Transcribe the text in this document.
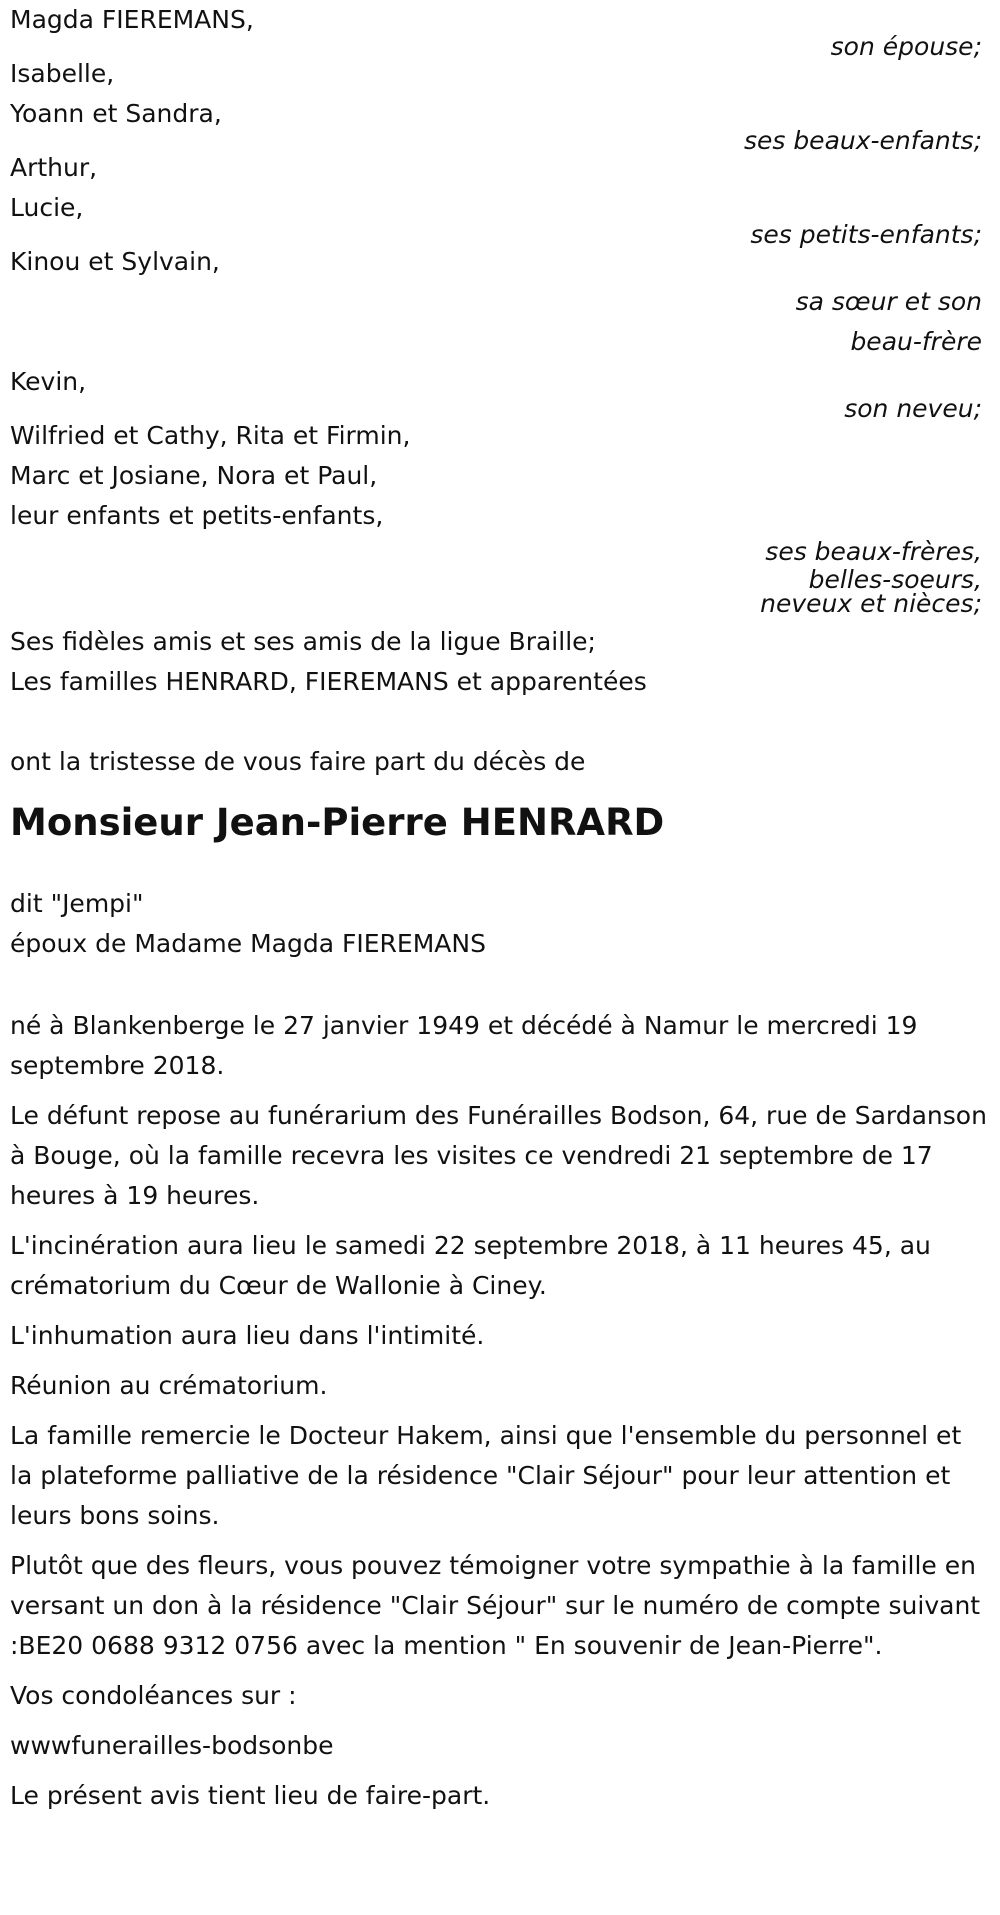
Magda FIEREMANS,
son épouse;
Isabelle,
Yoann et Sandra,
ses beaux-enfants;
Arthur,
Lucie,
ses petits-enfants;
Kinou et Sylvain,
sa sœur et son
beau-frère
Kevin,
son neveu;
Wilfried et Cathy, Rita et Firmin,
Marc et Josiane, Nora et Paul,
leur enfants et petits-enfants,
ses beaux-frères,
belles-soeurs,
neveux et nièces;
Ses fidèles amis et ses amis de la ligue Braille;
Les familles HENRARD, FIEREMANS et apparentées
ont la tristesse de vous faire part du décès de
Monsieur Jean-Pierre HENRARD
dit "Jempi"
époux de Madame Magda FIEREMANS

né à Blankenberge le 27 janvier 1949 et décédé à Namur le mercredi 19 septembre 2018.

Le défunt repose au funérarium des Funérailles Bodson, 64, rue de Sardanson à Bouge, où la famille recevra les visites ce vendredi 21 septembre de 17 heures à 19 heures.

L'incinération aura lieu le samedi 22 septembre 2018, à 11 heures 45, au crématorium du Cœur de Wallonie à Ciney.

L'inhumation aura lieu dans l'intimité.

Réunion au crématorium.

La famille remercie le Docteur Hakem, ainsi que l'ensemble du personnel et la plateforme palliative de la résidence "Clair Séjour" pour leur attention et leurs bons soins.

Plutôt que des fleurs, vous pouvez témoigner votre sympathie à la famille en versant un don à la résidence "Clair Séjour" sur le numéro de compte suivant :BE20 0688 9312 0756 avec la mention " En souvenir de Jean-Pierre".

Vos condoléances sur :

wwwfunerailles-bodsonbe

Le présent avis tient lieu de faire-part.
